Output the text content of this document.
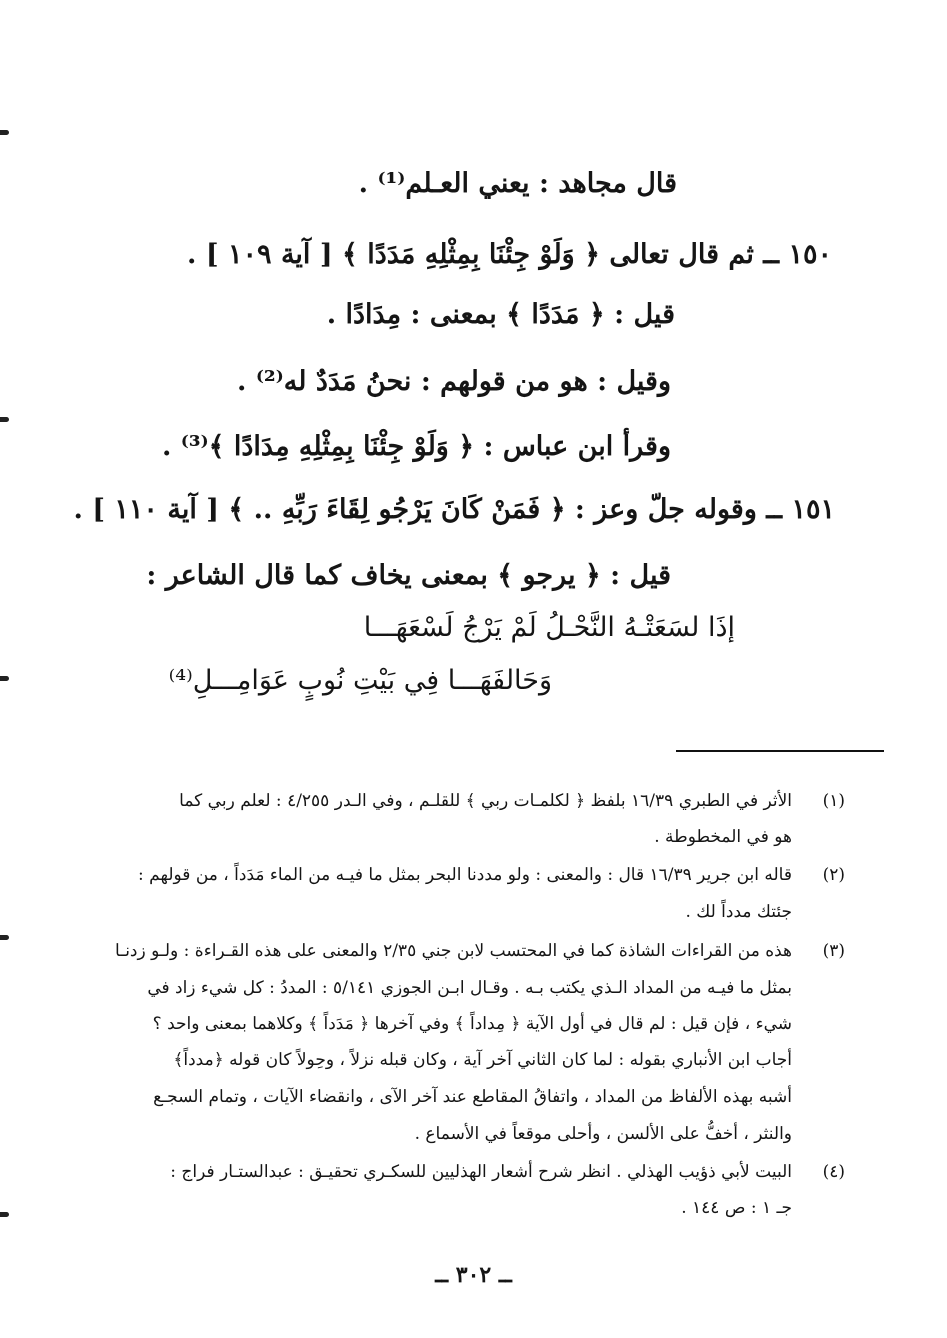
قال مجاهد : يعني العـلم⁽¹⁾ .
١٥٠ ــ ثم قال تعالى ﴿ وَلَوْ جِئْنَا بِمِثْلِهِ مَدَدًا ﴾ [ آية ١٠٩ ] .
قيل : ﴿ مَدَدًا ﴾ بمعنى : مِدَادًا .
وقيل : هو من قولهم : نحنُ مَدَدٌ له⁽²⁾ .
وقرأ ابن عباس : ﴿ وَلَوْ جِئْنَا بِمِثْلِهِ مِدَادًا ﴾⁽³⁾ .
١٥١ ــ وقوله جلّ وعز : ﴿ فَمَنْ كَانَ يَرْجُو لِقَاءَ رَبِّهِ .. ﴾ [ آية ١١٠ ] .
قيل : ﴿ يرجو ﴾ بمعنى يخاف كما قال الشاعر :
إذَا لسَعَتْـهُ النَّحْـلُ لَمْ يَرْجُ لَسْعَهَـــا
وَحَالفَهَـــا فِي بَيْتِ نُوبٍ عَوَامِـــلِ⁽⁴⁾
(١)
الأثر في الطبري ١٦/٣٩ بلفظ ﴿ لكلمـات ربي ﴾ للقلـم ، وفي الـدر ٤/٢٥٥ : لعلم ربي كما
هو في المخطوطة .
(٢)
قاله ابن جرير ١٦/٣٩ قال : والمعنى : ولو مددنا البحر بمثل ما فيـه من الماء مَدَداً ، من قولهم :
جئتك مدداً لك .
(٣)
هذه من القراءات الشاذة كما في المحتسب لابن جني ٢/٣٥ والمعنى على هذه القـراءة : ولـو زدنـا
بمثل ما فيـه من المداد الـذي يكتب بـه . وقـال ابـن الجوزي ٥/١٤١ : المددُ : كل شيء زاد في
شيء ، فإن قيل : لم قال في أول الآية ﴿ مِداداً ﴾ وفي آخرها ﴿ مَدَداً ﴾ وكلاهما بمعنى واحد ؟
أجاب ابن الأنباري بقوله : لما كان الثاني آخر آية ، وكان قبله نزلاً ، وحِولاً كان قوله ﴿مدداً﴾
أشبه بهذه الألفاظ من المداد ، واتفاقُ المقاطع عند آخر الآى ، وانقضاء الآيات ، وتمام السجـع
والنثر ، أخفُّ على الألسن ، وأحلى موقعاً في الأسماع .
(٤)
البيت لأبي ذؤيب الهذلي . انظر شرح أشعار الهذليين للسكـري تحقيـق : عبدالستـار فراج :
جـ ١ : ص ١٤٤ .
ــ ٣٠٢ ــ
